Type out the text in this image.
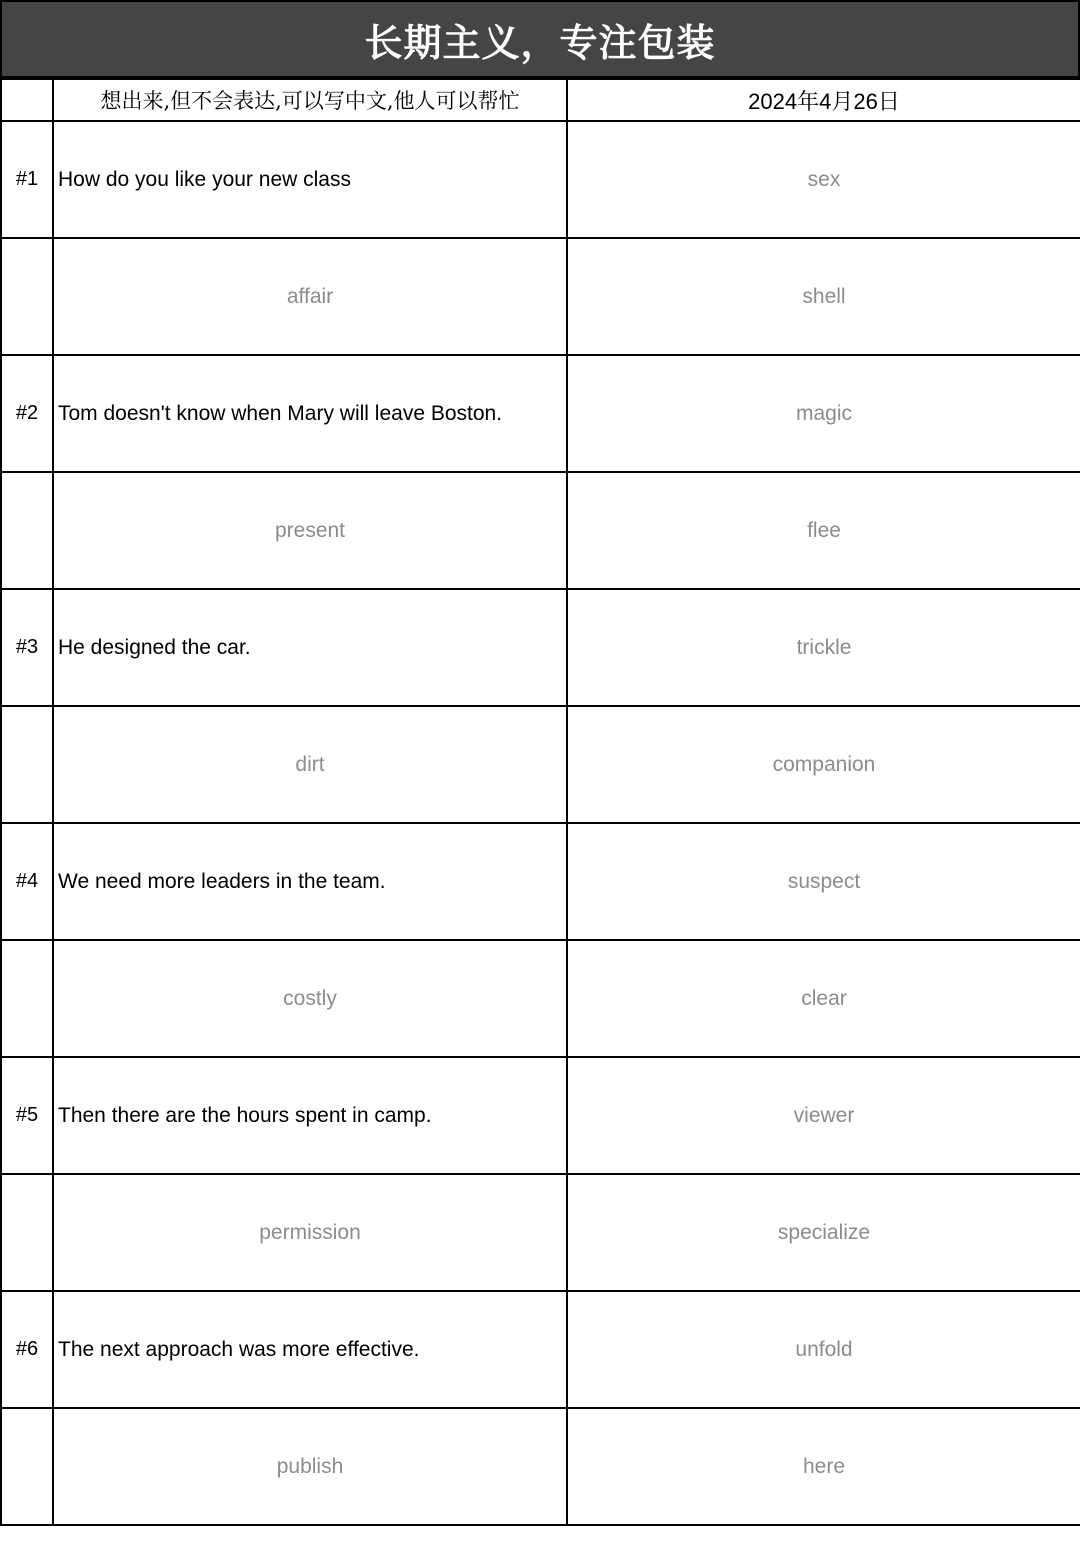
长期主义，专注包装
	想出来,但不会表达,可以写中文,他人可以帮忙	2024年4月26日
#1	How do you like your new class	sex
	affair	shell
#2	Tom doesn't know when Mary will leave Boston.	magic
	present	flee
#3	He designed the car.	trickle
	dirt	companion
#4	We need more leaders in the team.	suspect
	costly	clear
#5	Then there are the hours spent in camp.	viewer
	permission	specialize
#6	The next approach was more effective.	unfold
	publish	here
